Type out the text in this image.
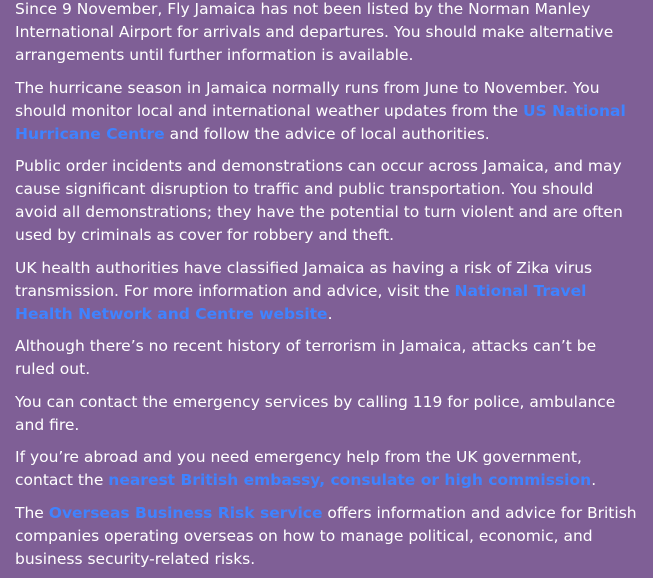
Since 9 November, Fly Jamaica has not been listed by the Norman Manley International Airport for arrivals and departures. You should make alternative arrangements until further information is available.

The hurricane season in Jamaica normally runs from June to November. You should monitor local and international weather updates from the US National Hurricane Centre and follow the advice of local authorities.

Public order incidents and demonstrations can occur across Jamaica, and may cause significant disruption to traffic and public transportation. You should avoid all demonstrations; they have the potential to turn violent and are often used by criminals as cover for robbery and theft.

UK health authorities have classified Jamaica as having a risk of Zika virus transmission. For more information and advice, visit the National Travel Health Network and Centre website.

Although there’s no recent history of terrorism in Jamaica, attacks can’t be ruled out.

You can contact the emergency services by calling 119 for police, ambulance and fire.

If you’re abroad and you need emergency help from the UK government, contact the nearest British embassy, consulate or high commission.

The Overseas Business Risk service offers information and advice for British companies operating overseas on how to manage political, economic, and business security-related risks.
